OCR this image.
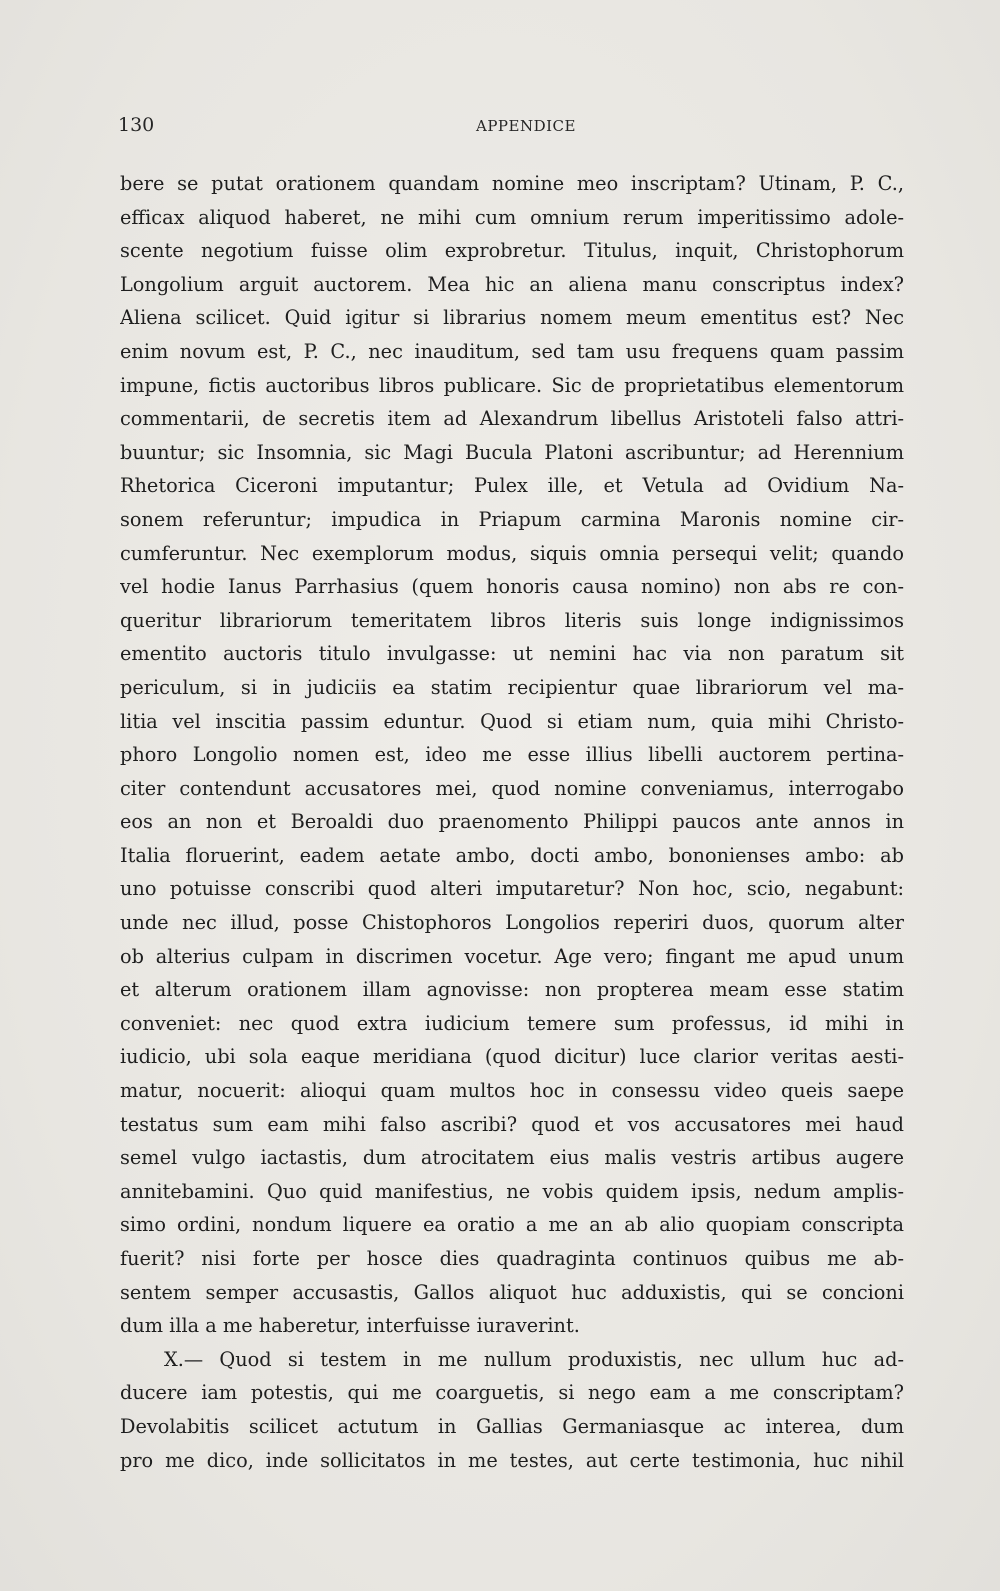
130	APPENDICE
bere se putat orationem quandam nomine meo inscriptam? Utinam, P. C.,
efficax aliquod haberet, ne mihi cum omnium rerum imperitissimo adole-
scente negotium fuisse olim exprobretur. Titulus, inquit, Christophorum
Longolium arguit auctorem. Mea hic an aliena manu conscriptus index?
Aliena scilicet. Quid igitur si librarius nomem meum ementitus est? Nec
enim novum est, P. C., nec inauditum, sed tam usu frequens quam passim
impune, fictis auctoribus libros publicare. Sic de proprietatibus elementorum
commentarii, de secretis item ad Alexandrum libellus Aristoteli falso attri-
buuntur; sic Insomnia, sic Magi Bucula Platoni ascribuntur; ad Herennium
Rhetorica Ciceroni imputantur; Pulex ille, et Vetula ad Ovidium Na-
sonem referuntur; impudica in Priapum carmina Maronis nomine cir-
cumferuntur. Nec exemplorum modus, siquis omnia persequi velit; quando
vel hodie Ianus Parrhasius (quem honoris causa nomino) non abs re con-
queritur librariorum temeritatem libros literis suis longe indignissimos
ementito auctoris titulo invulgasse: ut nemini hac via non paratum sit
periculum, si in judiciis ea statim recipientur quae librariorum vel ma-
litia vel inscitia passim eduntur. Quod si etiam num, quia mihi Christo-
phoro Longolio nomen est, ideo me esse illius libelli auctorem pertina-
citer contendunt accusatores mei, quod nomine conveniamus, interrogabo
eos an non et Beroaldi duo praenomento Philippi paucos ante annos in
Italia floruerint, eadem aetate ambo, docti ambo, bononienses ambo: ab
uno potuisse conscribi quod alteri imputaretur? Non hoc, scio, negabunt:
unde nec illud, posse Chistophoros Longolios reperiri duos, quorum alter
ob alterius culpam in discrimen vocetur. Age vero; fingant me apud unum
et alterum orationem illam agnovisse: non propterea meam esse statim
conveniet: nec quod extra iudicium temere sum professus, id mihi in
iudicio, ubi sola eaque meridiana (quod dicitur) luce clarior veritas aesti-
matur, nocuerit: alioqui quam multos hoc in consessu video queis saepe
testatus sum eam mihi falso ascribi? quod et vos accusatores mei haud
semel vulgo iactastis, dum atrocitatem eius malis vestris artibus augere
annitebamini. Quo quid manifestius, ne vobis quidem ipsis, nedum amplis-
simo ordini, nondum liquere ea oratio a me an ab alio quopiam conscripta
fuerit? nisi forte per hosce dies quadraginta continuos quibus me ab-
sentem semper accusastis, Gallos aliquot huc adduxistis, qui se concioni
dum illa a me haberetur, interfuisse iuraverint.
X.— Quod si testem in me nullum produxistis, nec ullum huc ad-
ducere iam potestis, qui me coarguetis, si nego eam a me conscriptam?
Devolabitis scilicet actutum in Gallias Germaniasque ac interea, dum
pro me dico, inde sollicitatos in me testes, aut certe testimonia, huc nihil
